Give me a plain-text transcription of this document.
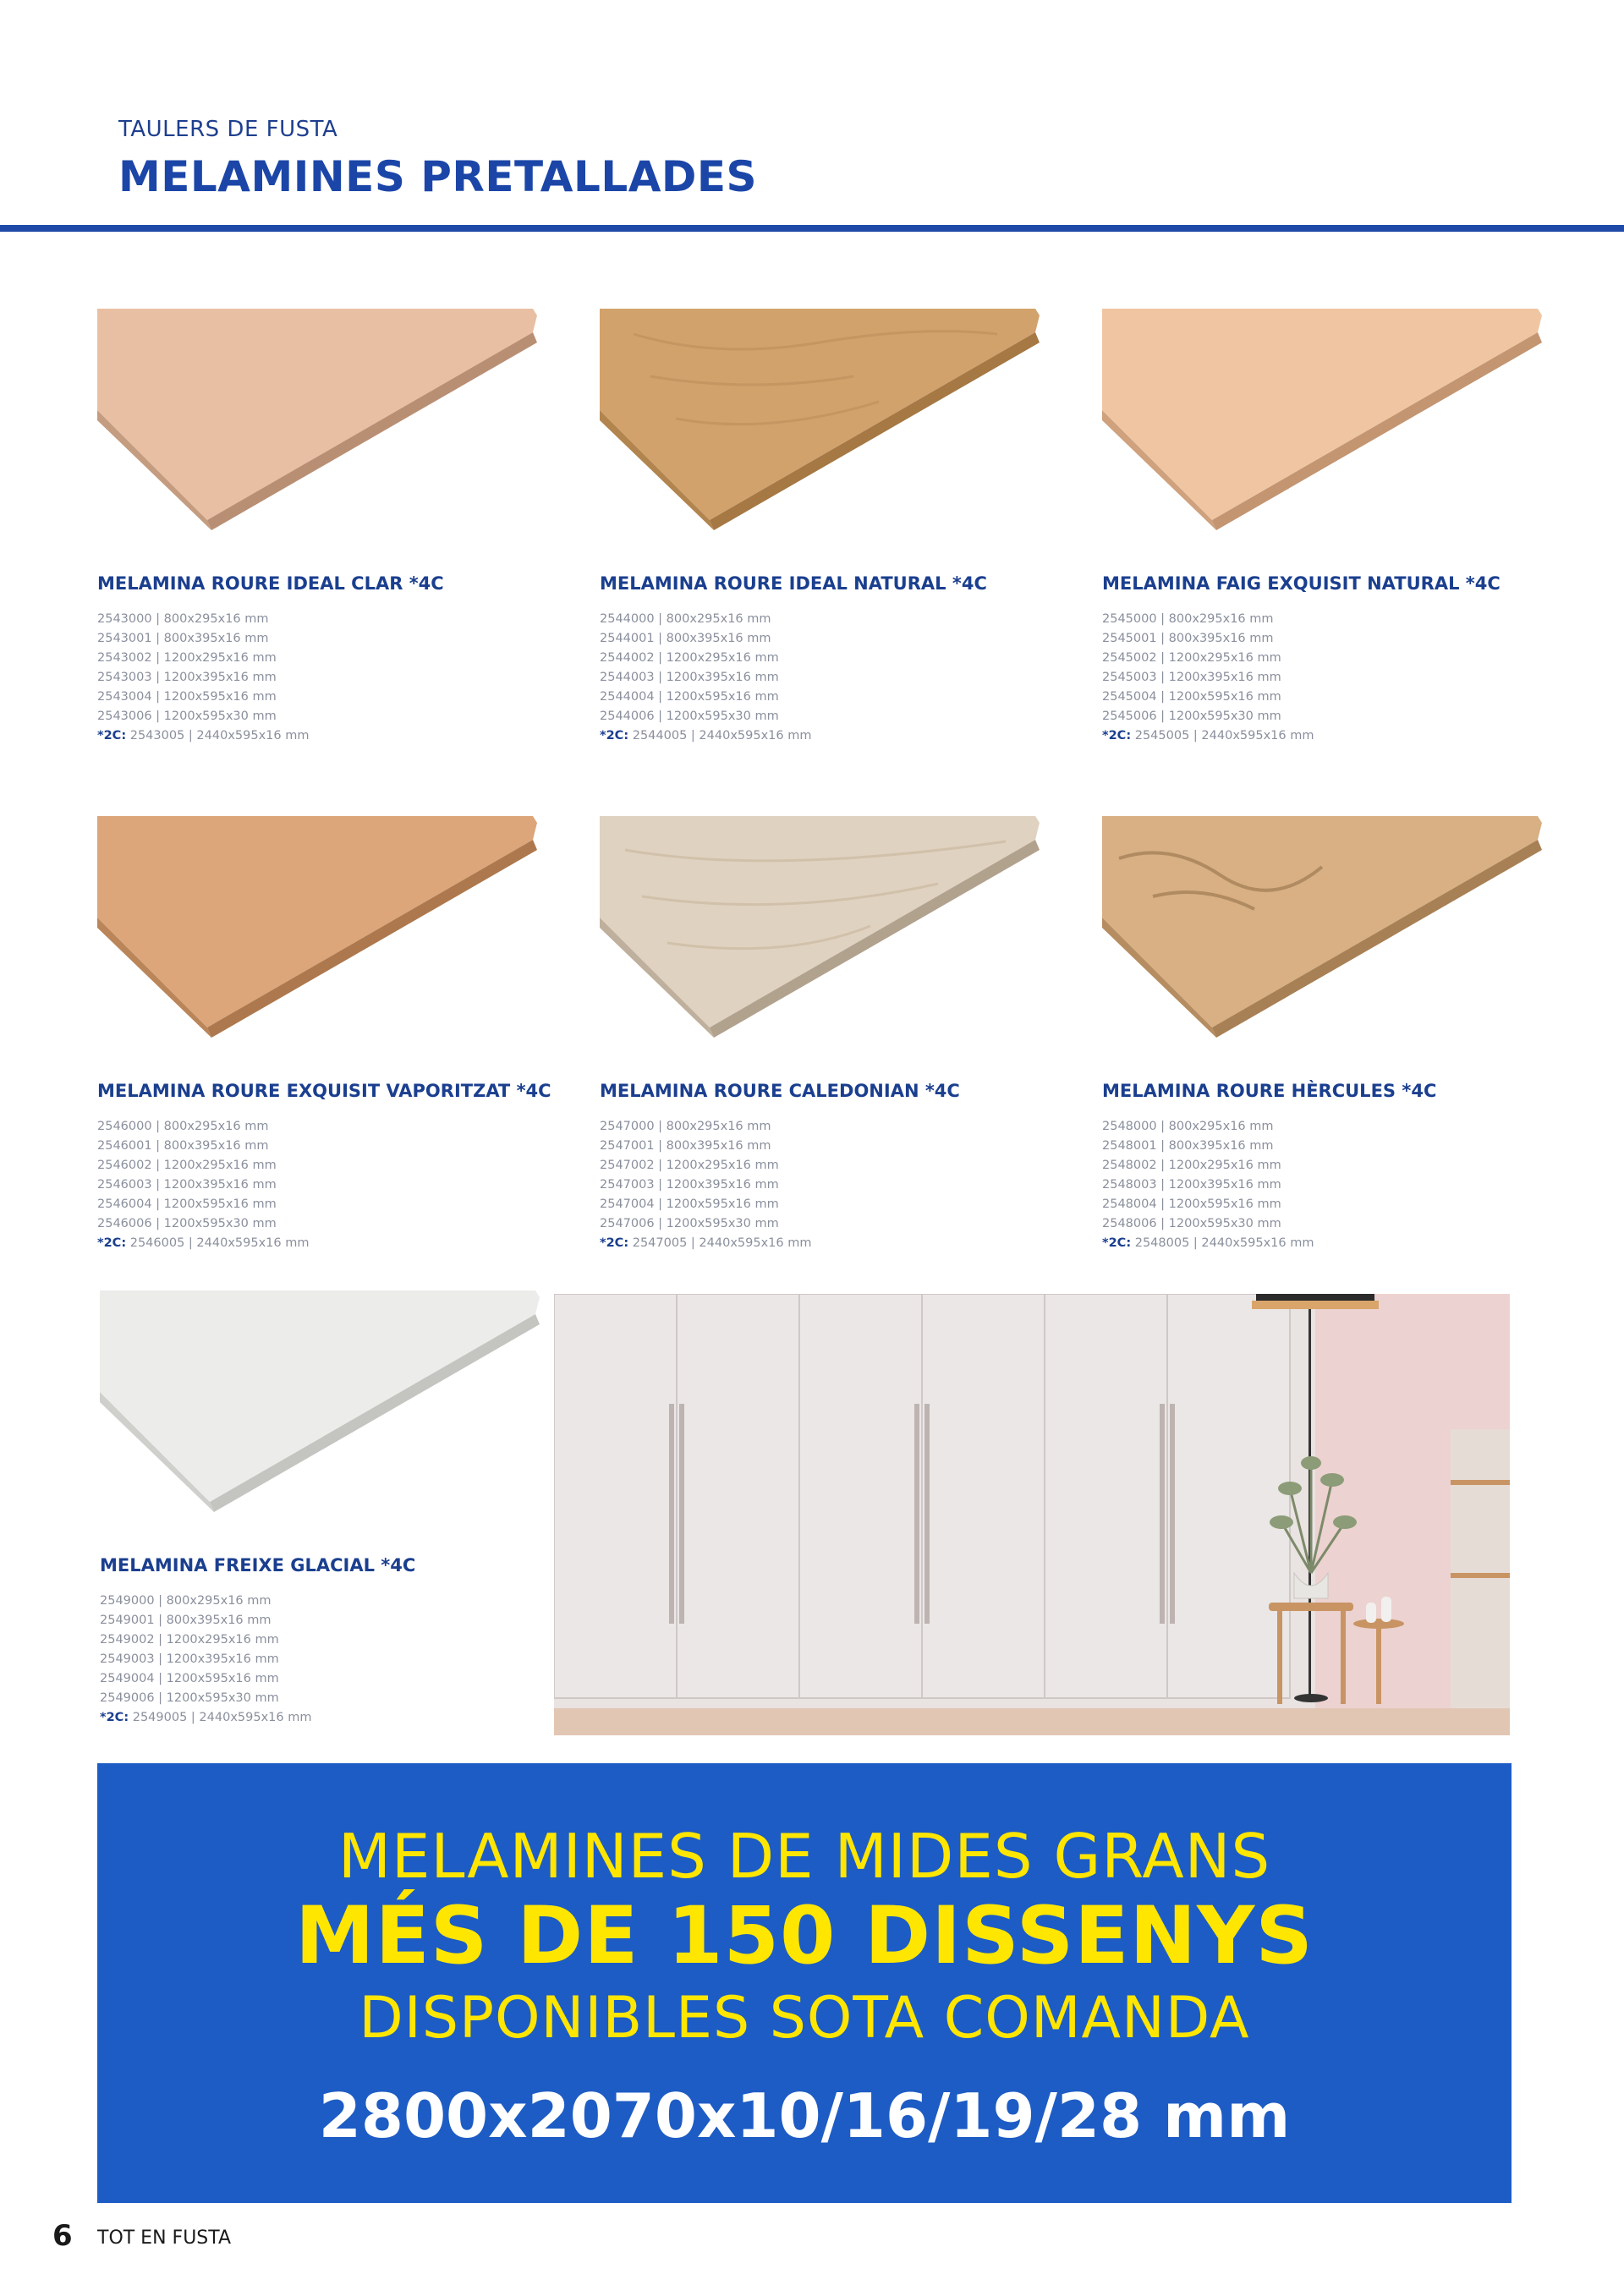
TAULERS DE FUSTA
MELAMINES PRETALLADES
MELAMINA ROURE IDEAL CLAR *4C
2543000 | 800x295x16 mm
2543001 | 800x395x16 mm
2543002 | 1200x295x16 mm
2543003 | 1200x395x16 mm
2543004 | 1200x595x16 mm
2543006 | 1200x595x30 mm
*2C: 2543005 | 2440x595x16 mm
MELAMINA ROURE IDEAL NATURAL *4C
2544000 | 800x295x16 mm
2544001 | 800x395x16 mm
2544002 | 1200x295x16 mm
2544003 | 1200x395x16 mm
2544004 | 1200x595x16 mm
2544006 | 1200x595x30 mm
*2C: 2544005 | 2440x595x16 mm
MELAMINA FAIG EXQUISIT NATURAL *4C
2545000 | 800x295x16 mm
2545001 | 800x395x16 mm
2545002 | 1200x295x16 mm
2545003 | 1200x395x16 mm
2545004 | 1200x595x16 mm
2545006 | 1200x595x30 mm
*2C: 2545005 | 2440x595x16 mm
MELAMINA ROURE EXQUISIT VAPORITZAT *4C
2546000 | 800x295x16 mm
2546001 | 800x395x16 mm
2546002 | 1200x295x16 mm
2546003 | 1200x395x16 mm
2546004 | 1200x595x16 mm
2546006 | 1200x595x30 mm
*2C: 2546005 | 2440x595x16 mm
MELAMINA ROURE CALEDONIAN *4C
2547000 | 800x295x16 mm
2547001 | 800x395x16 mm
2547002 | 1200x295x16 mm
2547003 | 1200x395x16 mm
2547004 | 1200x595x16 mm
2547006 | 1200x595x30 mm
*2C: 2547005 | 2440x595x16 mm
MELAMINA ROURE HÈRCULES *4C
2548000 | 800x295x16 mm
2548001 | 800x395x16 mm
2548002 | 1200x295x16 mm
2548003 | 1200x395x16 mm
2548004 | 1200x595x16 mm
2548006 | 1200x595x30 mm
*2C: 2548005 | 2440x595x16 mm
MELAMINA FREIXE GLACIAL *4C
2549000 | 800x295x16 mm
2549001 | 800x395x16 mm
2549002 | 1200x295x16 mm
2549003 | 1200x395x16 mm
2549004 | 1200x595x16 mm
2549006 | 1200x595x30 mm
*2C: 2549005 | 2440x595x16 mm
MELAMINES DE MIDES GRANS
MÉS DE 150 DISSENYS
DISPONIBLES SOTA COMANDA
2800x2070x10/16/19/28 mm
6 TOT EN FUSTA
